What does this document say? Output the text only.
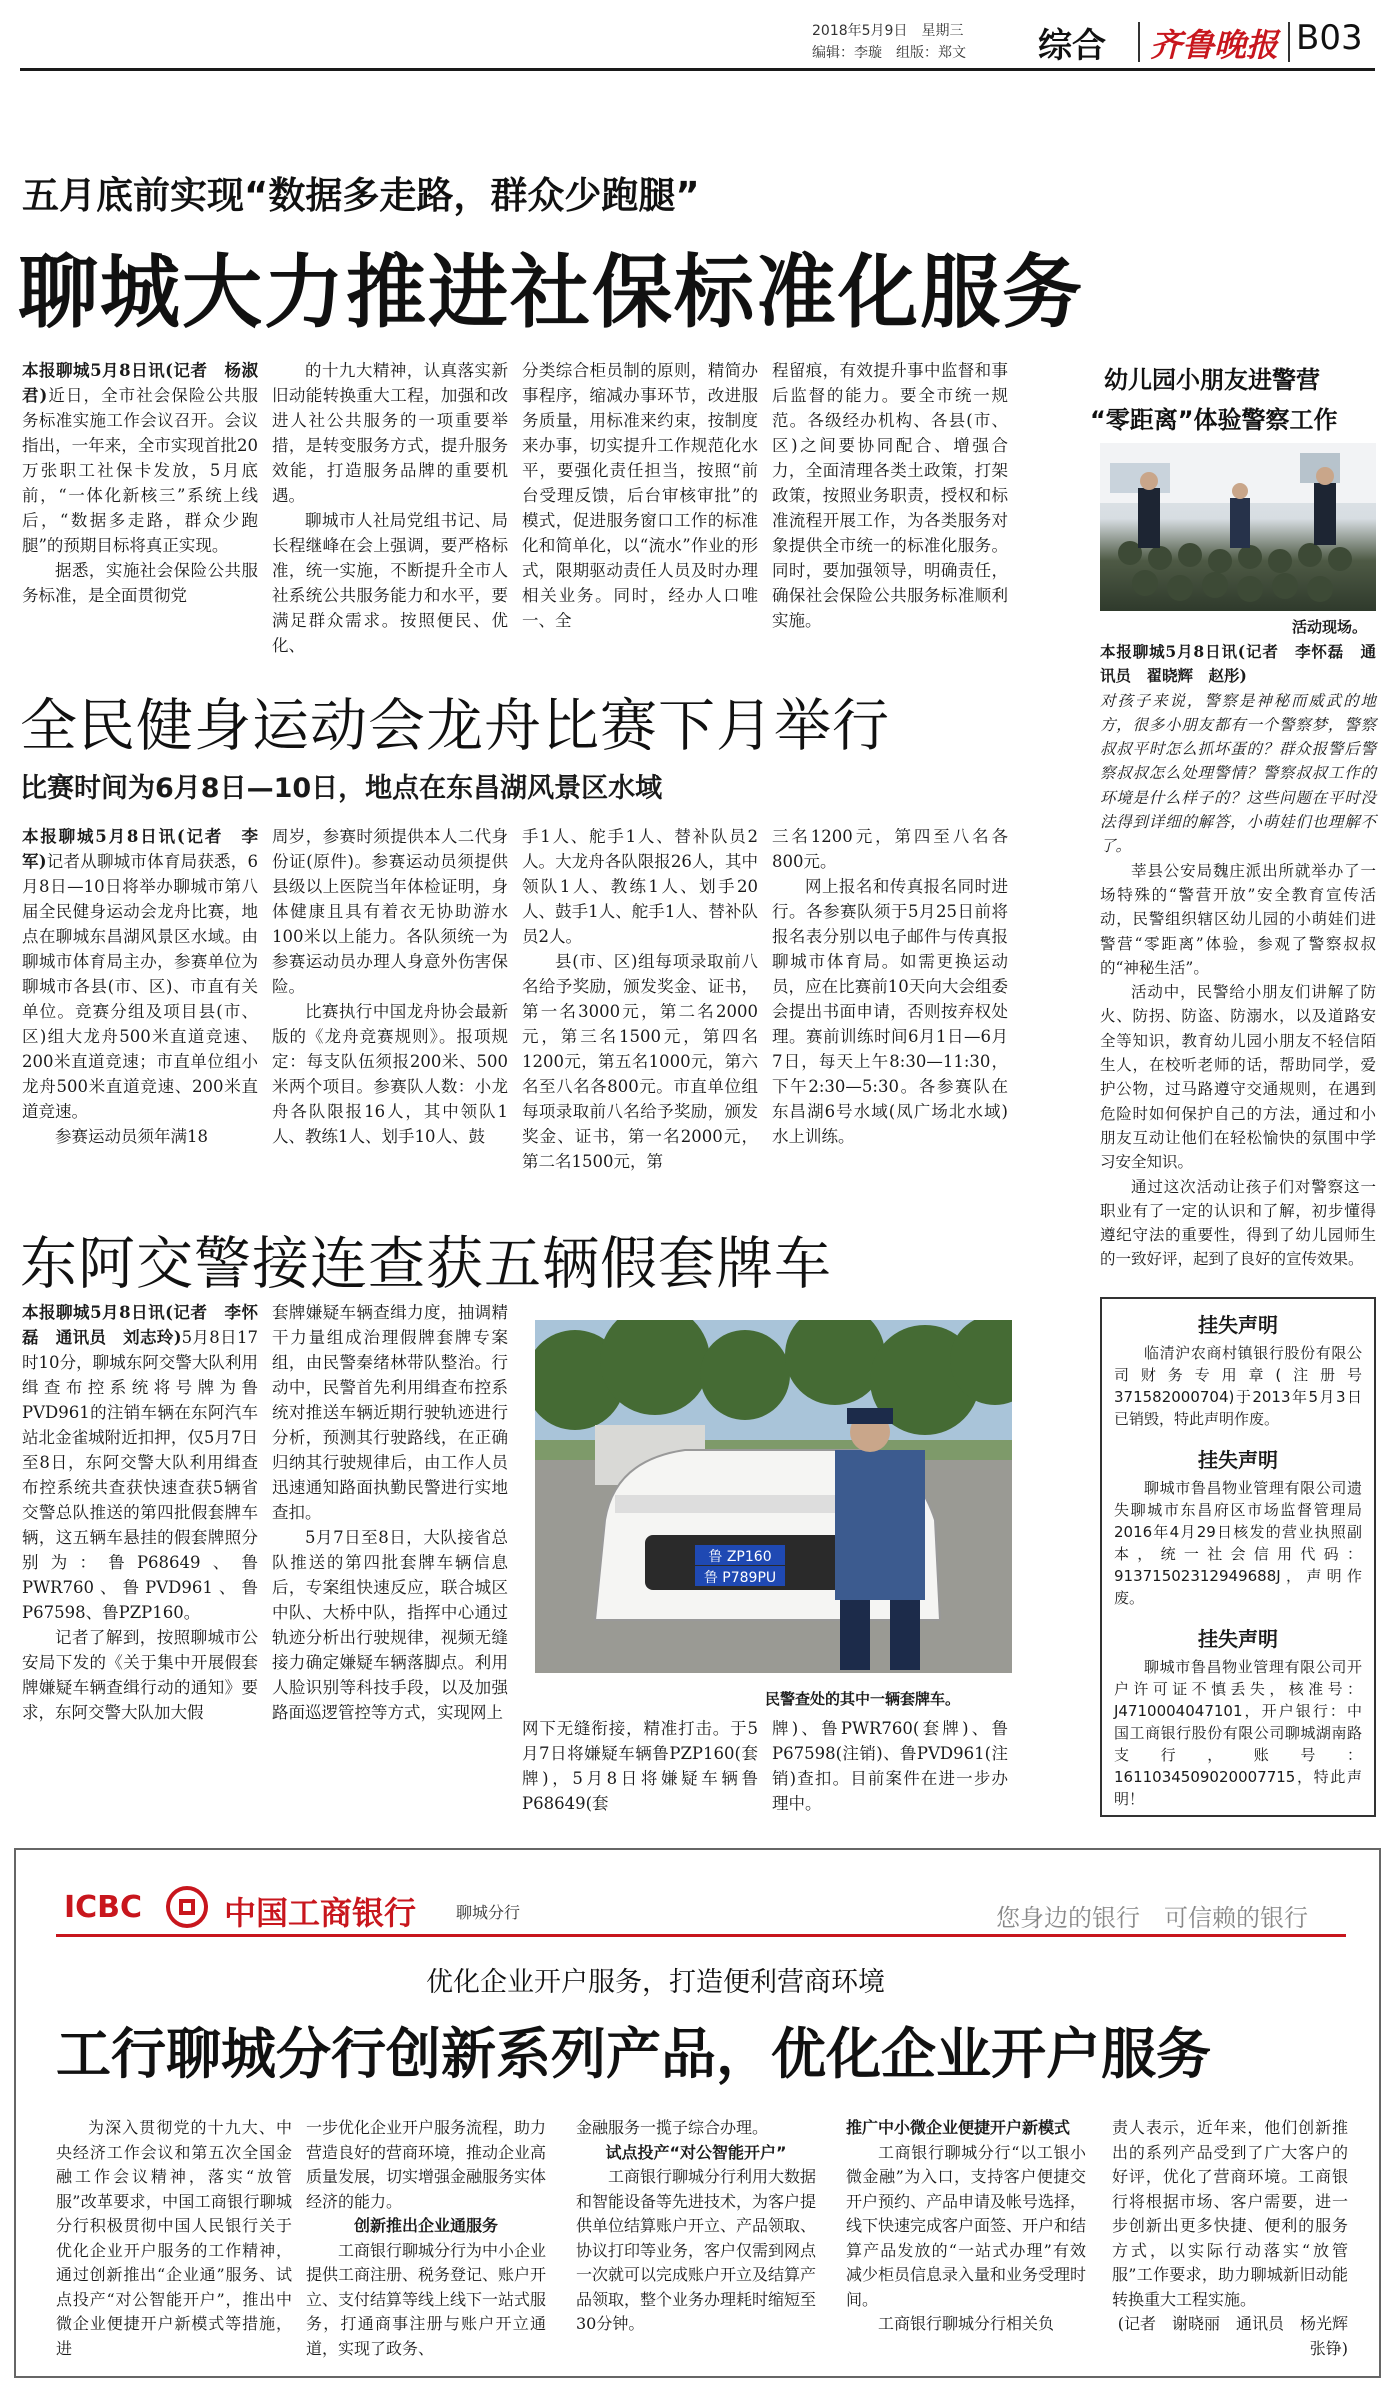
2018年5月9日　星期三
编辑：李璇　组版：郑文 综合 齐鲁晚报 B03
五月底前实现“数据多走路，群众少跑腿”
聊城大力推进社保标准化服务

本报聊城5月8日讯(记者　杨淑君)近日，全市社会保险公共服务标准实施工作会议召开。会议指出，一年来，全市实现首批20万张职工社保卡发放，5月底前，“一体化新核三”系统上线后，“数据多走路，群众少跑腿”的预期目标将真正实现。

据悉，实施社会保险公共服务标准，是全面贯彻党

的十九大精神，认真落实新旧动能转换重大工程，加强和改进人社公共服务的一项重要举措，是转变服务方式，提升服务效能，打造服务品牌的重要机遇。

聊城市人社局党组书记、局长程继峰在会上强调，要严格标准，统一实施，不断提升全市人社系统公共服务能力和水平，要满足群众需求。按照便民、优化、

分类综合柜员制的原则，精简办事程序，缩减办事环节，改进服务质量，用标准来约束，按制度来办事，切实提升工作规范化水平，要强化责任担当，按照“前台受理反馈，后台审核审批”的模式，促进服务窗口工作的标准化和简单化，以“流水”作业的形式，限期驱动责任人员及时办理相关业务。同时，经办人口唯一、全
程留痕，有效提升事中监督和事后监督的能力。要全市统一规范。各级经办机构、各县(市、区)之间要协同配合、增强合力，全面清理各类土政策，打架政策，按照业务职责，授权和标准流程开展工作，为各类服务对象提供全市统一的标准化服务。同时，要加强领导，明确责任，确保社会保险公共服务标准顺利实施。
幼儿园小朋友进警营
“零距离”体验警察工作
活动现场。

本报聊城5月8日讯(记者　李怀磊　通讯员　翟晓辉　赵彤)

对孩子来说，警察是神秘而威武的地方，很多小朋友都有一个警察梦，警察叔叔平时怎么抓坏蛋的？群众报警后警察叔叔怎么处理警情？警察叔叔工作的环境是什么样子的？这些问题在平时没法得到详细的解答，小萌娃们也理解不了。

莘县公安局魏庄派出所就举办了一场特殊的“警营开放”安全教育宣传活动，民警组织辖区幼儿园的小萌娃们进警营“零距离”体验，参观了警察叔叔的“神秘生活”。

活动中，民警给小朋友们讲解了防火、防拐、防盗、防溺水，以及道路安全等知识，教育幼儿园小朋友不轻信陌生人，在校听老师的话，帮助同学，爱护公物，过马路遵守交通规则，在遇到危险时如何保护自己的方法，通过和小朋友互动让他们在轻松愉快的氛围中学习安全知识。

通过这次活动让孩子们对警察这一职业有了一定的认识和了解，初步懂得遵纪守法的重要性，得到了幼儿园师生的一致好评，起到了良好的宣传效果。

全民健身运动会龙舟比赛下月举行
比赛时间为6月8日—10日，地点在东昌湖风景区水域

本报聊城5月8日讯(记者　李军)记者从聊城市体育局获悉，6月8日—10日将举办聊城市第八届全民健身运动会龙舟比赛，地点在聊城东昌湖风景区水域。由聊城市体育局主办，参赛单位为聊城市各县(市、区)、市直有关单位。竞赛分组及项目县(市、区)组大龙舟500米直道竞速、200米直道竞速；市直单位组小龙舟500米直道竞速、200米直道竞速。

参赛运动员须年满18

周岁，参赛时须提供本人二代身份证(原件)。参赛运动员须提供县级以上医院当年体检证明，身体健康且具有着衣无协助游水100米以上能力。各队须统一为参赛运动员办理人身意外伤害保险。

比赛执行中国龙舟协会最新版的《龙舟竞赛规则》。报项规定：每支队伍须报200米、500米两个项目。参赛队人数：小龙舟各队限报16人，其中领队1人、教练1人、划手10人、鼓

手1人、舵手1人、替补队员2人。大龙舟各队限报26人，其中领队1人、教练1人、划手20人、鼓手1人、舵手1人、替补队员2人。

县(市、区)组每项录取前八名给予奖励，颁发奖金、证书，第一名3000元，第二名2000元，第三名1500元，第四名1200元，第五名1000元，第六名至八名各800元。市直单位组每项录取前八名给予奖励，颁发奖金、证书，第一名2000元，第二名1500元，第

三名1200元，第四至八名各800元。

网上报名和传真报名同时进行。各参赛队须于5月25日前将报名表分别以电子邮件与传真报聊城市体育局。如需更换运动员，应在比赛前10天向大会组委会提出书面申请，否则按弃权处理。赛前训练时间6月1日—6月7日，每天上午8:30—11:30，下午2:30—5:30。各参赛队在东昌湖6号水域(凤广场北水域)水上训练。

东阿交警接连查获五辆假套牌车

本报聊城5月8日讯(记者　李怀磊　通讯员　刘志玲)5月8日17时10分，聊城东阿交警大队利用缉查布控系统将号牌为鲁PVD961的注销车辆在东阿汽车站北金雀城附近扣押，仅5月7日至8日，东阿交警大队利用缉查布控系统共查获快速查获5辆省交警总队推送的第四批假套牌车辆，这五辆车悬挂的假套牌照分别为：鲁P68649、鲁PWR760、鲁PVD961、鲁P67598、鲁PZP160。

记者了解到，按照聊城市公安局下发的《关于集中开展假套牌嫌疑车辆查缉行动的通知》要求，东阿交警大队加大假

套牌嫌疑车辆查缉力度，抽调精干力量组成治理假牌套牌专案组，由民警秦绪林带队整治。行动中，民警首先利用缉查布控系统对推送车辆近期行驶轨迹进行分析，预测其行驶路线，在正确归纳其行驶规律后，由工作人员迅速通知路面执勤民警进行实地查扣。

5月7日至8日，大队接省总队推送的第四批套牌车辆信息后，专案组快速反应，联合城区中队、大桥中队，指挥中心通过轨迹分析出行驶规律，视频无缝接力确定嫌疑车辆落脚点。利用人脸识别等科技手段，以及加强路面巡逻管控等方式，实现网上

鲁 ZP160
鲁 P789PU
民警查处的其中一辆套牌车。
网下无缝衔接，精准打击。于5月7日将嫌疑车辆鲁PZP160(套牌)，5月8日将嫌疑车辆鲁P68649(套
牌)、鲁PWR760(套牌)、鲁P67598(注销)、鲁PVD961(注销)查扣。目前案件在进一步办理中。
挂失声明
临清沪农商村镇银行股份有限公司财务专用章(注册号371582000704)于2013年5月3日已销毁，特此声明作废。
挂失声明
聊城市鲁昌物业管理有限公司遗失聊城市东昌府区市场监督管理局2016年4月29日核发的营业执照副本，统一社会信用代码：91371502312949688J，声明作废。
挂失声明
聊城市鲁昌物业管理有限公司开户许可证不慎丢失，核准号：J4710004047101，开户银行：中国工商银行股份有限公司聊城湖南路支行，账号：1611034509020007715，特此声明！
ICBC	中国工商银行 聊城分行	您身边的银行　可信赖的银行
优化企业开户服务，打造便利营商环境
工行聊城分行创新系列产品，优化企业开户服务
为深入贯彻党的十九大、中央经济工作会议和第五次全国金融工作会议精神，落实“放管服”改革要求，中国工商银行聊城分行积极贯彻中国人民银行关于优化企业开户服务的工作精神，通过创新推出“企业通”服务、试点投产“对公智能开户”，推出中微企业便捷开户新模式等措施，进

一步优化企业开户服务流程，助力营造良好的营商环境，推动企业高质量发展，切实增强金融服务实体经济的能力。

创新推出企业通服务

工商银行聊城分行为中小企业提供工商注册、税务登记、账户开立、支付结算等线上线下一站式服务，打通商事注册与账户开立通道，实现了政务、

金融服务一揽子综合办理。

试点投产“对公智能开户”

工商银行聊城分行利用大数据和智能设备等先进技术，为客户提供单位结算账户开立、产品领取、协议打印等业务，客户仅需到网点一次就可以完成账户开立及结算产品领取，整个业务办理耗时缩短至30分钟。

推广中小微企业便捷开户新模式

工商银行聊城分行“以工银小微金融”为入口，支持客户便捷交开户预约、产品申请及帐号选择，线下快速完成客户面签、开户和结算产品发放的“一站式办理”有效减少柜员信息录入量和业务受理时间。

工商银行聊城分行相关负

责人表示，近年来，他们创新推出的系列产品受到了广大客户的好评，优化了营商环境。工商银行将根据市场、客户需要，进一步创新出更多快捷、便利的服务方式，以实际行动落实“放管服”工作要求，助力聊城新旧动能转换重大工程实施。

(记者　谢晓丽　通讯员　杨光辉　张铮)
